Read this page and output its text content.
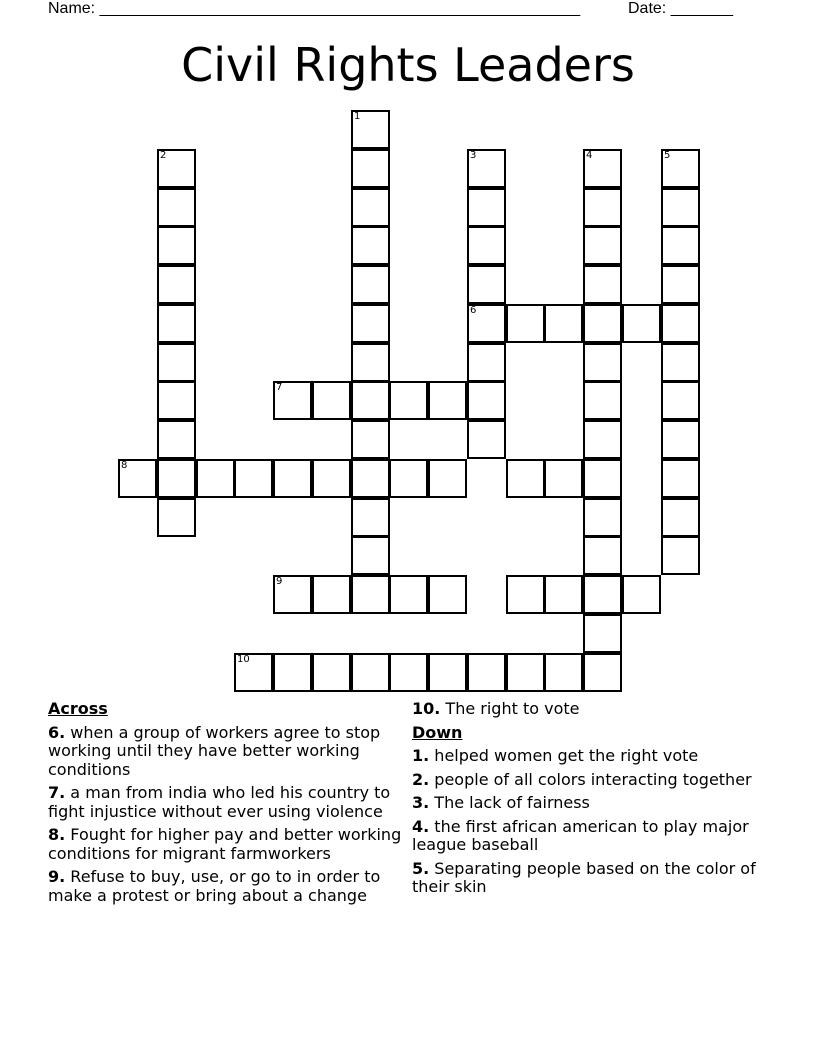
Name: ______________________________________________________	Date: _______
Civil Rights Leaders
1
2	3
6
4	5
7
8
9
10
Across
6. when a group of workers agree to stop working until they have better working conditions
7. a man from india who led his country to fight injustice without ever using violence
8. Fought for higher pay and better working conditions for migrant farmworkers
9. Refuse to buy, use, or go to in order to make a protest or bring about a change
10. The right to vote
Down
1. helped women get the right vote
2. people of all colors interacting together
3. The lack of fairness
4. the first african american to play major league baseball
5. Separating people based on the color of their skin
